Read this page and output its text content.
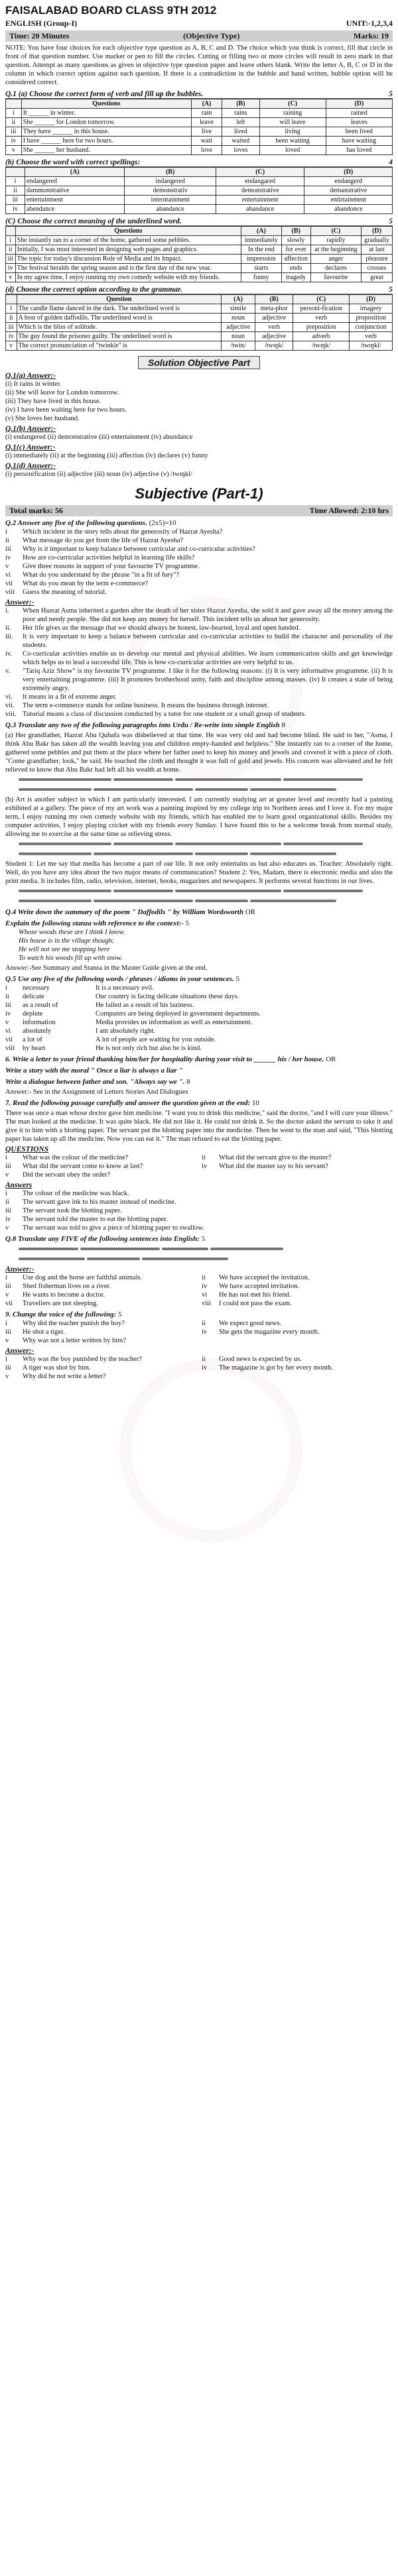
FAISALABAD BOARD CLASS 9TH 2012
ENGLISH (Group-I)	UNIT:-1,2,3,4
Time: 20 Minutes	(Objective Type)	Marks: 19
NOTE: You have four choices for each objective type question as A, B, C and D. The choice which you think is correct, fill that circle in front of that question number. Use marker or pen to fill the circles. Cutting or filling two or more circles will result in zero mark in that question. Attempt as many questions as given in objective type question paper and leave others blank. Write the letter A, B, C or D in the column in which correct option against each question. If there is a contradiction in the bubble and hand written, bubble option will be considered correct.
Q.1 (a) Choose the correct form of verb and fill up the bubbles.	5
	Questions	(A)	(B)	(C)	(D)
i	It ______ in winter.	rain	rains	raining	rained
ii	She ______ for London tomorrow.	leave	left	will leave	leaves
iii	They have ______ in this house.	live	lived	living	been lived
iv	I have ______ here for two hours.	wait	waited	been waiting	have waiting
v	She ______ her husband.	love	loves	loved	has loved
(b) Choose the word with correct spellings:	4
	(A)	(B)	(C)	(D)
i	endangered	indangered	endangared	endangerd
ii	dammonstrative	demonstrativ	demonstrative	demanstrative
iii	entertainment	interntainment	entertainment	entirtainment
iv	abendance	abandance	abandance	abandonce
(C) Choose the correct meaning of the underlined word.	5
	Questions	(A)	(B)	(C)	(D)
i	She instantly ran to a corner of the home, gathered some pebbles.	immediately	slowly	rapidly	gradually
ii	Initially, I was most interested in designing web pages and graphics.	In the end	for ever	at the beginning	at last
iii	The topic for today's discussion Role of Media and its Impact.	impression	affection	anger	pleasure
iv	The festival heralds the spring season and is the first day of the new year.	starts	ends	declares	crosses
v	In my agree time, I enjoy running my own comedy website with my friends.	funny	tragedy	favourite	great
(d) Choose the correct option according to the grammar.	5
	Question	(A)	(B)	(C)	(D)
i	The candle flame danced in the dark. The underlined word is	simile	meta-phor	personi-fication	imagery
ii	A host of golden daffodils. The underlined word is	noun	adjective	verb	proposition
iii	Which is the bliss of solitude.	adjective	verb	preposition	conjunction
iv	The guy found the prisoner guilty. The underlined word is	noun	adjective	adverb	verb
v	The correct pronunciation of "twinkle" is	/twin/	/twɪŋk/	/twɪŋk/	/twɪŋkl/
Solution Objective Part
Q.1(a) Answer:-
(i) It rains in winter.
(ii) She will leave for London tomorrow.
(iii) They have lived in this house.
(iv) I have been waiting here for two hours.
(v) She loves her husband.
Q.1(b) Answer:-
(i) endangered (ii) demonstrative (iii) entertainment (iv) abundance
Q.1(c) Answer:-
(i) immediately (ii) at the beginning (iii) affection (iv) declares (v) funny
Q.1(d) Answer:-
(i) personification (ii) adjective (iii) noun (iv) adjective (v) /twɪŋkl/
Subjective (Part-1)
Total marks: 56	Time Allowed: 2:10 hrs
Q.2 Answer any five of the following questions. (2x5)=10
i	Which incident in the story tells about the generosity of Hazrat Ayesha?
ii	What message do you get from the life of Hazrat Ayesha?
iii	Why is it important to keep balance between curricular and co-curricular activities?
iv	How are co-curricular activities helpful in learning life skills?
v	Give three reasons in support of your favourite TV programme.
vi	What do you understand by the phrase "in a fit of fury"?
vii	What do you mean by the term e-commerce?
viii	Guess the meaning of tutorial.
Answer:-
i.	When Hazrat Asma inherited a garden after the death of her sister Hazrat Ayesha, she sold it and gave away all the money among the poor and needy people. She did not keep any money for herself. This incident tells us about her generosity.
ii.	Her life gives us the message that we should always be honest, law-hearted, loyal and open handed.
iii.	It is very important to keep a balance between curricular and co-curricular activities to build the character and personality of the students.
iv.	Co-curricular activities enable us to develop our mental and physical abilities. We learn communication skills and get knowledge which helps us to lead a successful life. This is how co-curricular activities are very helpful to us.
v.	"Tariq Aziz Show" is my favourite TV programme. I like it for the following reasons: (i) It is very informative programme. (ii) It is very entertaining programme. (iii) It promotes brotherhood unity, faith and discipline among masses. (iv) It creates a state of being extremely angry.
vi.	It means in a fit of extreme anger.
vii.	The term e-commerce stands for online business. It means the business through internet.
viii. Tutorial means a class of discussion conducted by a tutor for one student or a small group of students.
Q.3 Translate any two of the following paragraphs into Urdu / Re-write into simple English 8
(a) Her grandfather, Hazrat Abu Quhafa was disbelieved at that time. He was very old and had become blind. He said to her, "Asma, I think Abu Bakr has taken all the wealth leaving you and children empty-handed and helpless." She instantly ran to a corner of the home, gathered some pebbles and put them at the place where her father used to keep his money and jewels and covered it with a piece of cloth. "Come grandfather, look," he said. He touched the cloth and thought it was full of gold and jewels. His concern was alleviated and he felt relieved to know that Abu Bakr had left all his wealth at home.
(b) Art is another subject in which I am particularly interested. I am currently studying art at greater level and recently had a painting exhibited at a gallery. The piece of my art work was a painting inspired by my college trip to Northern areas and I love it. For my major term, I enjoy running my own comedy website with my friends, which has enabled me to learn good organizational skills. Besides my computer activities, I enjoy playing cricket with my friends every Sunday. I have found this to be a welcome break from normal study, allowing me to exercise at the same time as relieving stress.
Student 1: Let me say that media has become a part of our life. It not only entertains us but also educates us. Teacher: Absolutely right. Well, do you have any idea about the two major means of communication? Student 2: Yes, Madam, there is electronic media and also the print media. It includes film, radio, television, internet, books, magazines and newspapers. It performs several functions in our lives.
Q.4 Write down the summary of the poem " Daffodils " by William Wordsworth OR
Explain the following stanza with reference to the context:- 5
Whose woods these are I think I know.
His house is in the village though;
He will not see me stopping here
To watch his woods fill up with snow.
Answer:-See Summary and Stanza in the Master Guide given at the end.
Q.5 Use any five of the following words / phrases / idioms in your sentences. 5
i	necessary	It is a necessary evil.
ii	delicate	Our country is facing delicate situations these days.
iii	as a result of	He failed as a result of his laziness.
iv	deplete	Computers are being deployed in government departments.
v	information	Media provides us information as well as entertainment.
vi	absolutely	I am absolutely right.
vii	a lot of	A lot of people are waiting for you outside.
viii	by heart	He is not only rich but also he is kind.
6. Write a letter to your friend thanking him/her for hospitality during your visit to ______ his / her house. OR
Write a story with the moral " Once a liar is always a liar "
Write a dialogue between father and son. "Always say we ". 8
Answer:- See in the Assignment of Letters Stories And Dialogues
7. Read the following passage carefully and answer the question given at the end: 10
There was once a man whose doctor gave him medicine. "I want you to drink this medicine," said the doctor, "and I will cure your illness." The man looked at the medicine. It was quite black. He did not like it. He could not drink it. So the doctor asked the servant to take it and give it to him with a blotting paper. The servant put the blotting paper into the medicine. Then he went to the man and said, "This blotting paper has taken up all the medicine. Now you can eat it." The man refused to eat the blotting paper.
QUESTIONS
i	What was the colour of the medicine?	ii	What did the servant give to the master?
iii	What did the servant come to know at last?	iv	What did the master say to his servant?
v	Did the servant obey the order?
Answers
i	The colour of the medicine was black.
ii	The servant gave ink to his master instead of medicine.
iii	The servant took the blotting paper.
iv	The servant told the master to eat the blotting paper.
v	The servant was told to give a piece of blotting paper to swallow.
Q.8 Translate any FIVE of the following sentences into English: 5
Answer:-
i	Use dog and the horse are faithful animals.	ii	We have accepted the invitation.
iii	Shed fisherman lives on a river.	iv	We have accepted invitation.
v	He wants to become a doctor.	vi	He has not met his friend.
vii	Travellers are not sleeping.	viii	I could not pass the exam.
9. Change the voice of the following: 5
i	Why did the teacher punish the boy?	ii	We expect good news.
iii	He shot a tiger.	iv	She gets the magazine every month.
v	Why was not a letter written by him?
Answer:-
i	Why was the boy punished by the teacher?	ii	Good news is expected by us.
iii	A tiger was shot by him.	iv	The magazine is got by her every month.
v	Why did he not write a letter?
